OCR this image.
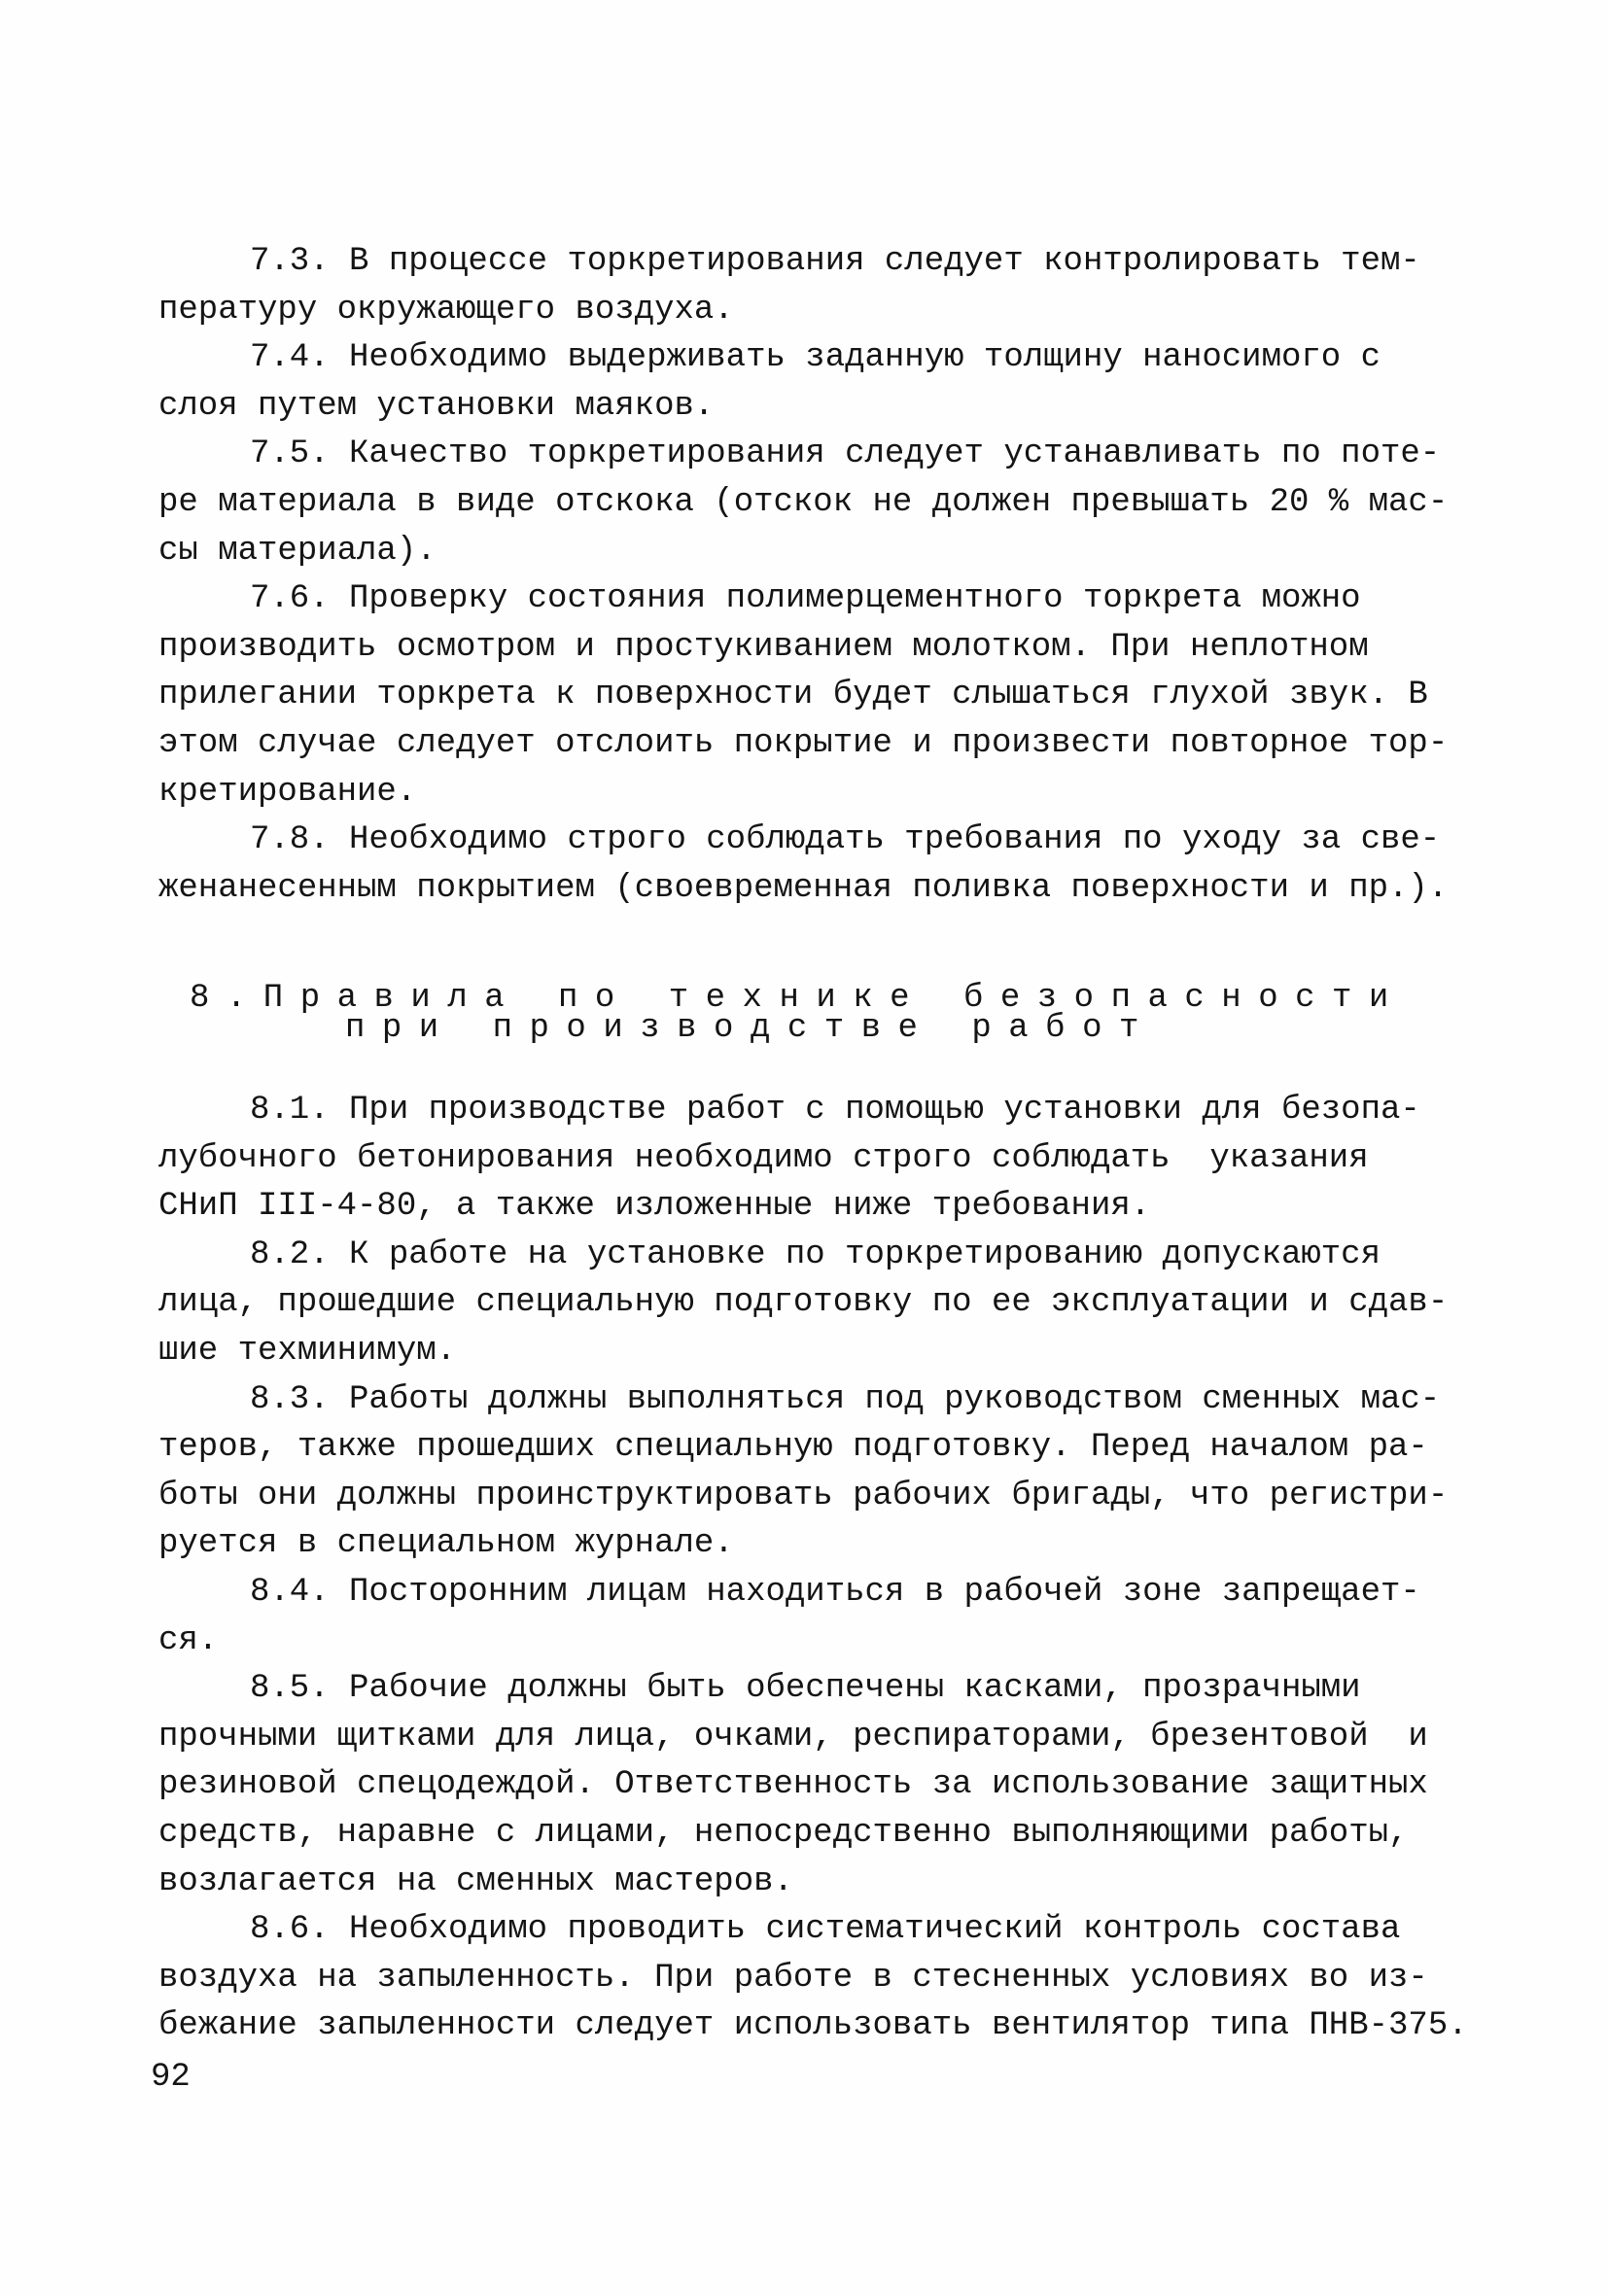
7.3. В процессе торкретирования следует контролировать тем-
пературу окружающего воздуха.
7.4. Необходимо выдерживать заданную толщину наносимого с
слоя путем установки маяков.
7.5. Качество торкретирования следует устанавливать по поте-
ре материала в виде отскока (отскок не должен превышать 20 % мас-
сы материала).
7.6. Проверку состояния полимерцементного торкрета можно
производить осмотром и простукиванием молотком. При неплотном
прилегании торкрета к поверхности будет слышаться глухой звук. В
этом случае следует отслоить покрытие и произвести повторное тор-
кретирование.
7.8. Необходимо строго соблюдать требования по уходу за све-
женанесенным покрытием (своевременная поливка поверхности и пр.).
8.Правила по технике безопасности
при производстве работ
8.1. При производстве работ с помощью установки для безопа-
лубочного бетонирования необходимо строго соблюдать  указания
СНиП III-4-80, а также изложенные ниже требования.
8.2. К работе на установке по торкретированию допускаются
лица, прошедшие специальную подготовку по ее эксплуатации и сдав-
шие техминимум.
8.3. Работы должны выполняться под руководством сменных мас-
теров, также прошедших специальную подготовку. Перед началом ра-
боты они должны проинструктировать рабочих бригады, что регистри-
руется в специальном журнале.
8.4. Посторонним лицам находиться в рабочей зоне запрещает-
ся.
8.5. Рабочие должны быть обеспечены касками, прозрачными
прочными щитками для лица, очками, респираторами, брезентовой  и
резиновой спецодеждой. Ответственность за использование защитных
средств, наравне с лицами, непосредственно выполняющими работы,
возлагается на сменных мастеров.
8.6. Необходимо проводить систематический контроль состава
воздуха на запыленность. При работе в стесненных условиях во из-
бежание запыленности следует использовать вентилятор типа ПНВ-375.
92
